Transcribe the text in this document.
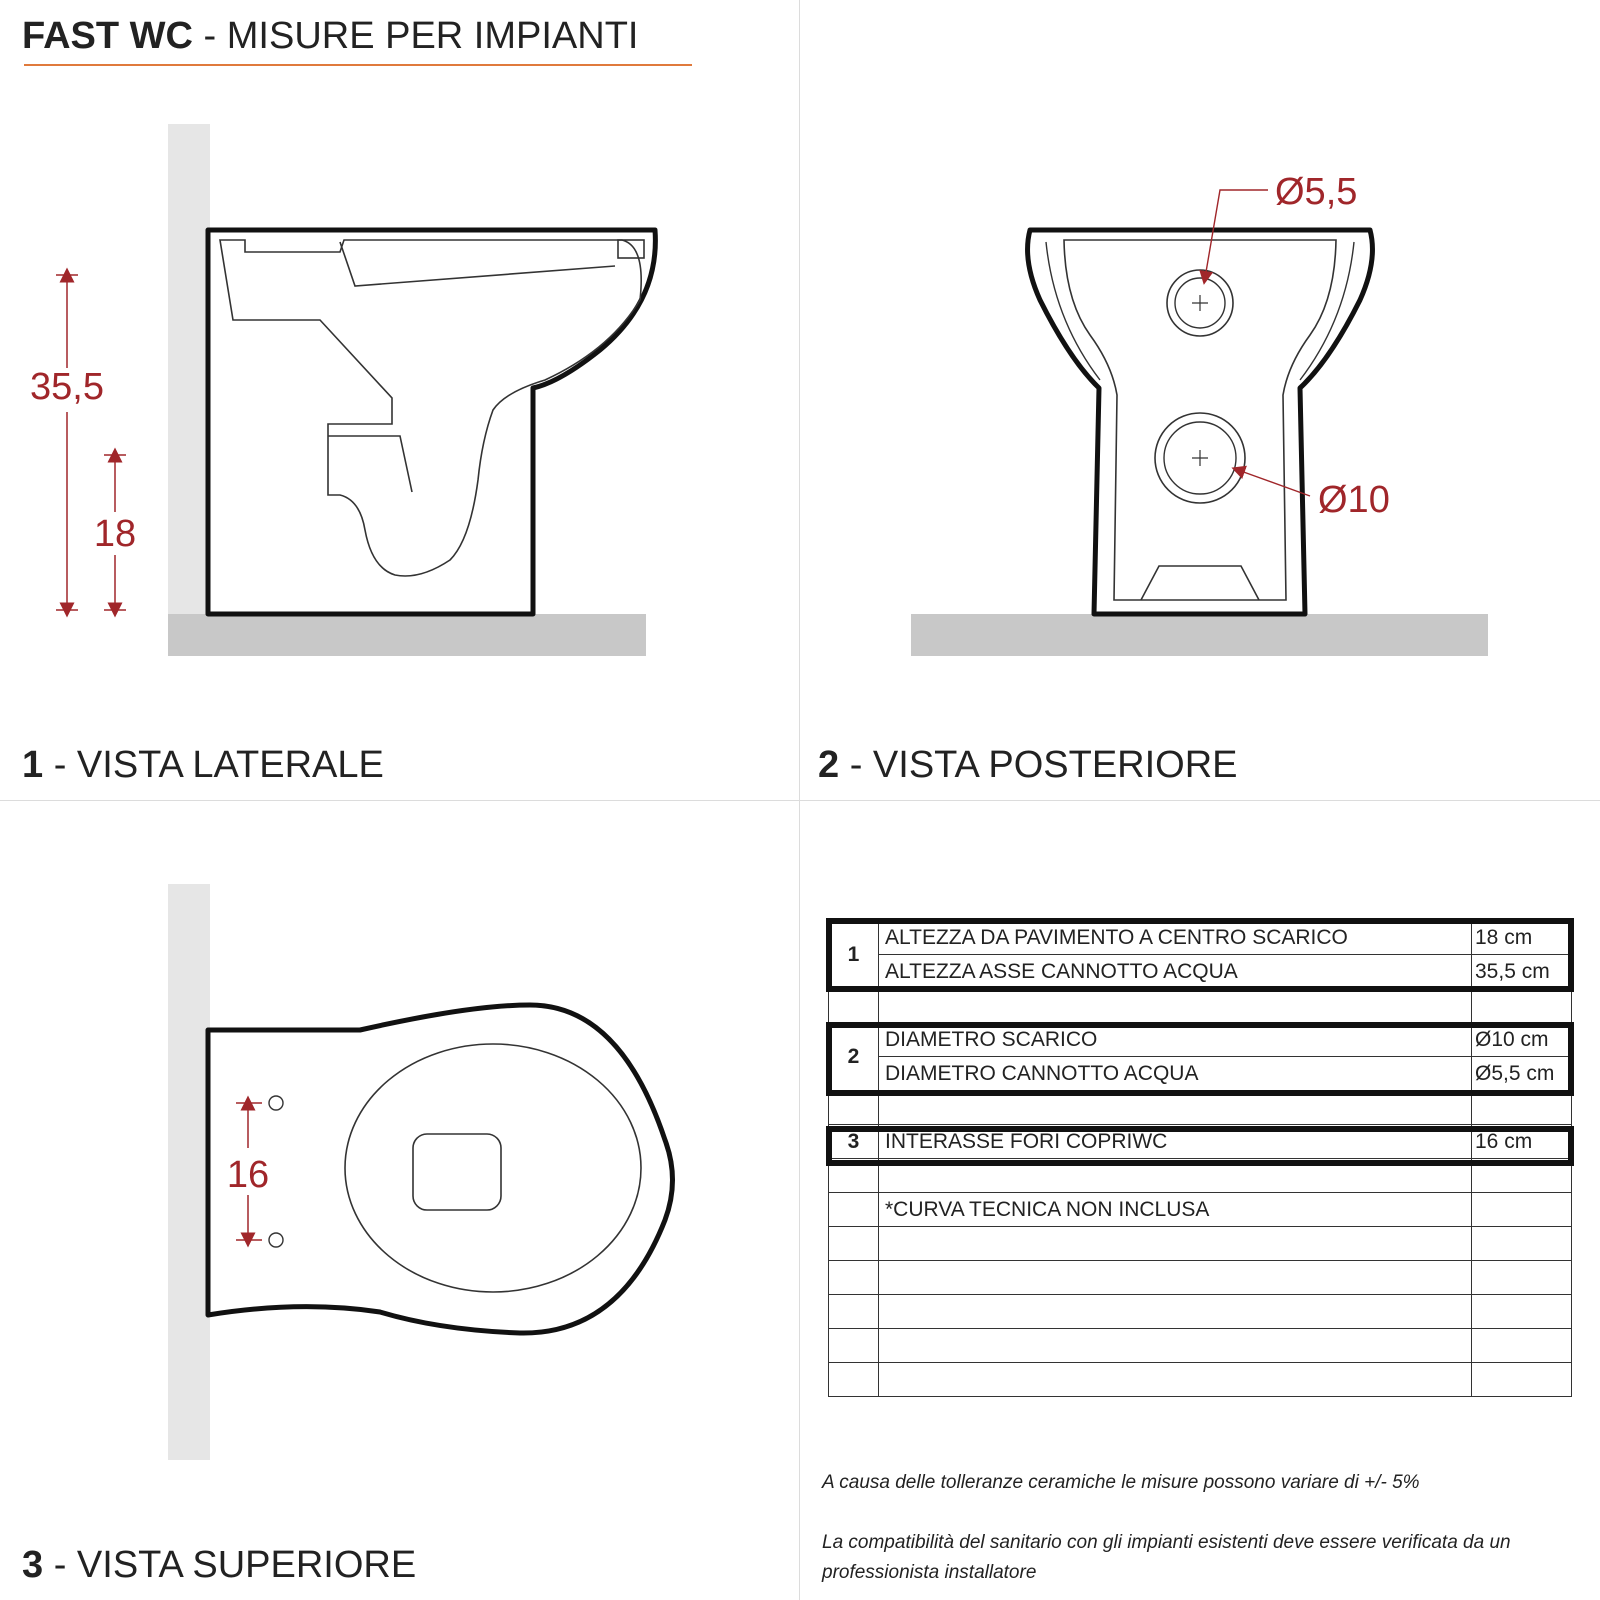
FAST WC - MISURE PER IMPIANTI
35,5
18
Ø5,5
Ø10
16
1 - VISTA LATERALE	2 - VISTA POSTERIORE
3 - VISTA SUPERIORE
1	ALTEZZA DA PAVIMENTO A CENTRO SCARICO	18 cm
	ALTEZZA ASSE CANNOTTO ACQUA	35,5 cm

2	DIAMETRO SCARICO	Ø10 cm
	DIAMETRO CANNOTTO ACQUA	Ø5,5 cm

3	INTERASSE FORI COPRIWC	16 cm

	*CURVA TECNICA NON INCLUSA	

A causa delle tolleranze ceramiche le misure possono variare di +/- 5%
La compatibilità del sanitario con gli impianti esistenti deve essere verificata da un professionista installatore
